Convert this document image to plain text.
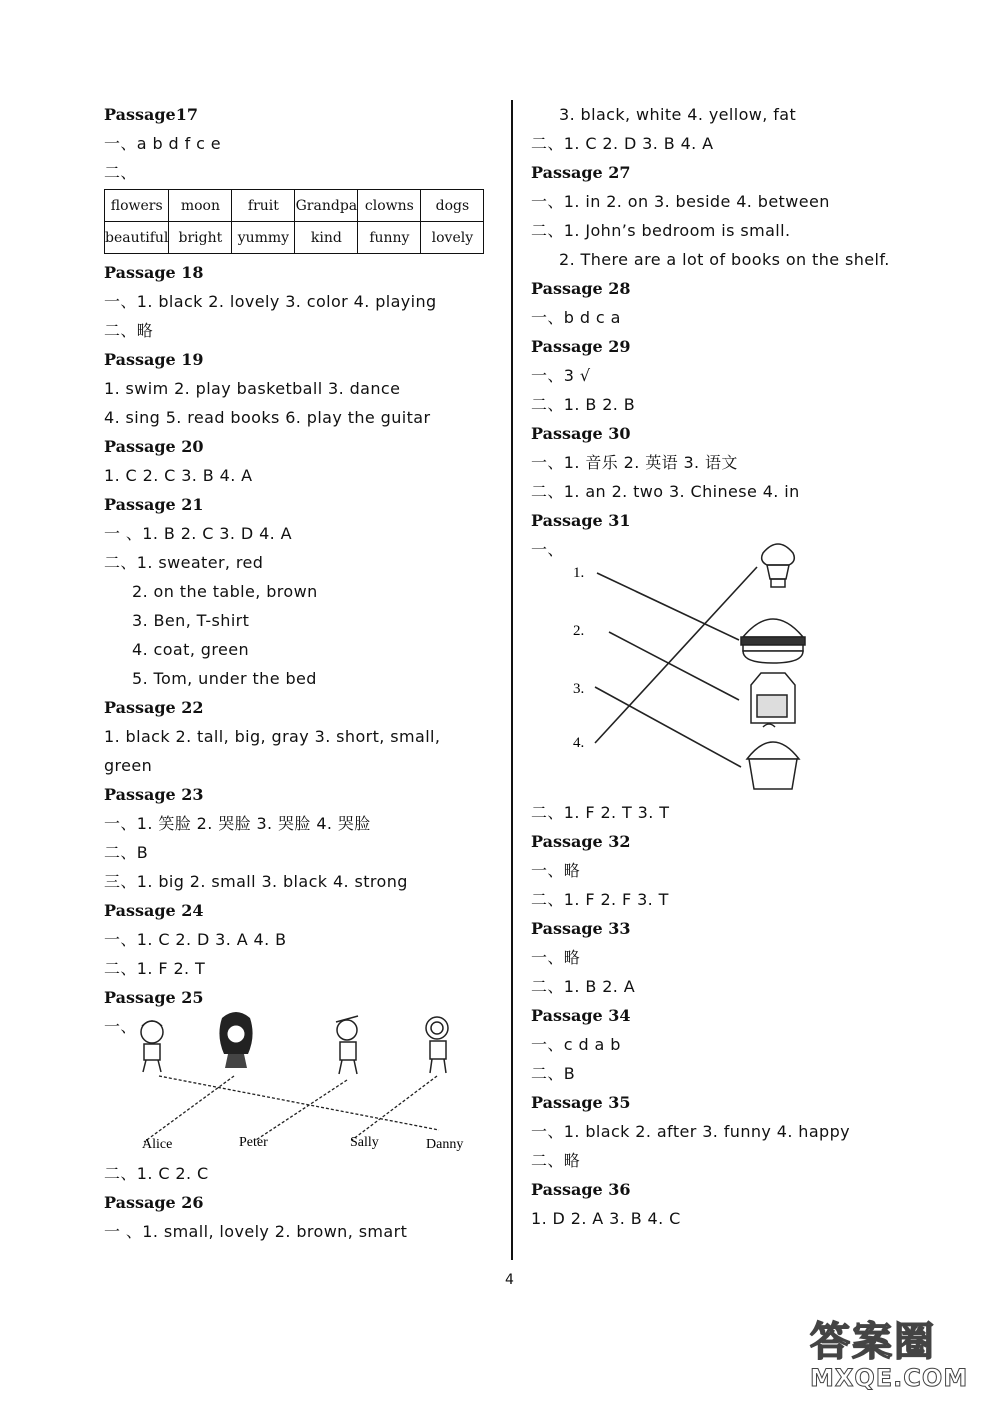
Passage17
一、a b d f c e
二、
flowers	moon	fruit	Grandpa	clowns	dogs
beautiful	bright	yummy	kind	funny	lovely
Passage 18
一、1. black 2. lovely 3. color 4. playing
二、略
Passage 19
1. swim 2. play basketball 3. dance
4. sing 5. read books 6. play the guitar
Passage 20
1. C 2. C 3. B 4. A
Passage 21
一 、1. B 2. C 3. D 4. A
二、1. sweater, red
2. on the table, brown
3. Ben, T-shirt
4. coat, green
5. Tom, under the bed
Passage 22
1. black 2. tall, big, gray 3. short, small,
green
Passage 23
一、1. 笑脸 2. 哭脸 3. 哭脸 4. 哭脸
二、B
三、1. big 2. small 3. black 4. strong
Passage 24
一、1. C 2. D 3. A 4. B
二、1. F 2. T
Passage 25
一、
Alice	Peter	Sally	Danny
二、1. C 2. C
Passage 26
一 、1. small, lovely 2. brown, smart
3. black, white 4. yellow, fat
二、1. C 2. D 3. B 4. A
Passage 27
一、1. in 2. on 3. beside 4. between
二、1. John’s bedroom is small.
2. There are a lot of books on the shelf.
Passage 28
一、b d c a
Passage 29
一、3 √
二、1. B 2. B
Passage 30
一、1. 音乐 2. 英语 3. 语文
二、1. an 2. two 3. Chinese 4. in
Passage 31
一、
1.
2.
3.
4.
二、1. F 2. T 3. T
Passage 32
一、略
二、1. F 2. F 3. T
Passage 33
一、略
二、1. B 2. A
Passage 34
一、c d a b
二、B
Passage 35
一、1. black 2. after 3. funny 4. happy
二、略
Passage 36
1. D 2. A 3. B 4. C
4
答案圈
MXQE.COM
